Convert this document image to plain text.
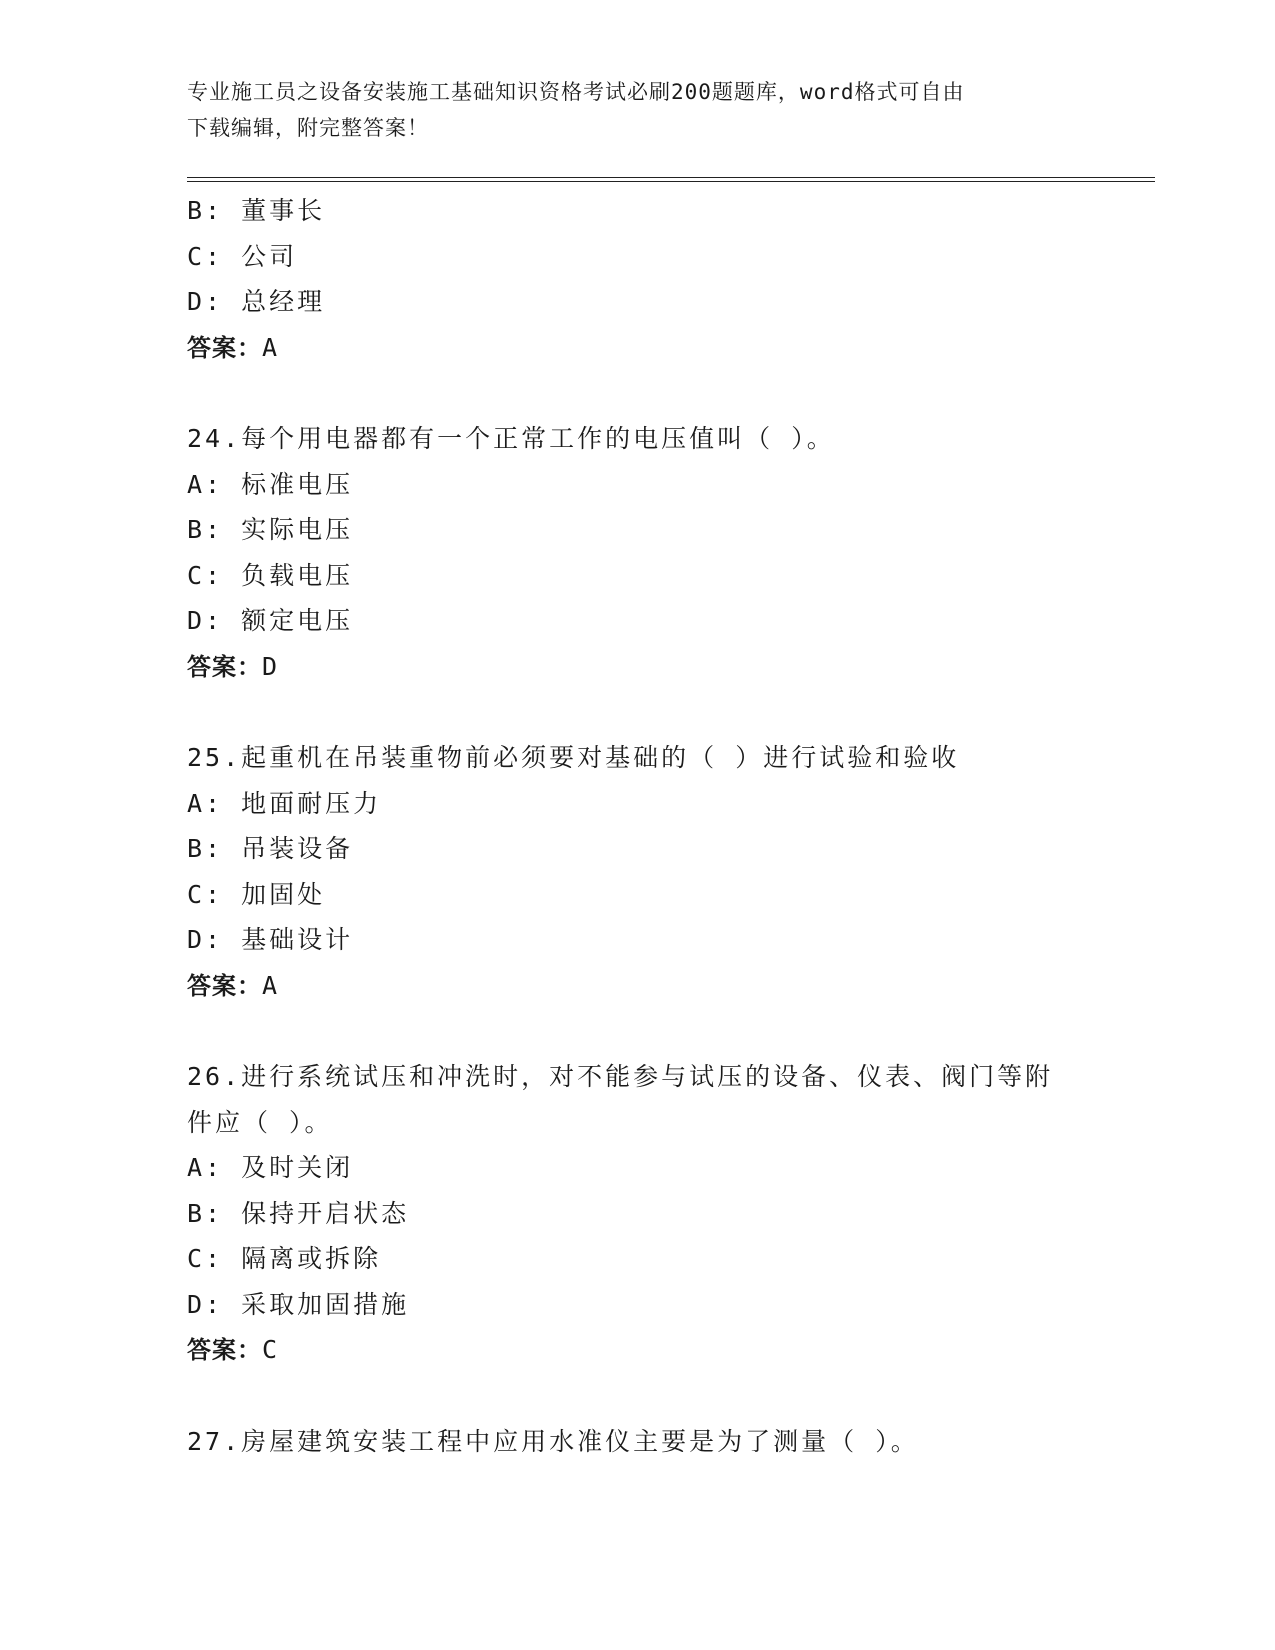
专业施工员之设备安装施工基础知识资格考试必刷200题题库，word格式可自由
下载编辑，附完整答案！
B: 董事长
C: 公司
D: 总经理
答案：A
24.每个用电器都有一个正常工作的电压值叫（ ）。
A: 标准电压
B: 实际电压
C: 负载电压
D: 额定电压
答案：D
25.起重机在吊装重物前必须要对基础的（ ）进行试验和验收
A: 地面耐压力
B: 吊装设备
C: 加固处
D: 基础设计
答案：A
26.进行系统试压和冲洗时，对不能参与试压的设备、仪表、阀门等附
件应（ ）。
A: 及时关闭
B: 保持开启状态
C: 隔离或拆除
D: 采取加固措施
答案：C
27.房屋建筑安装工程中应用水准仪主要是为了测量（ ）。
